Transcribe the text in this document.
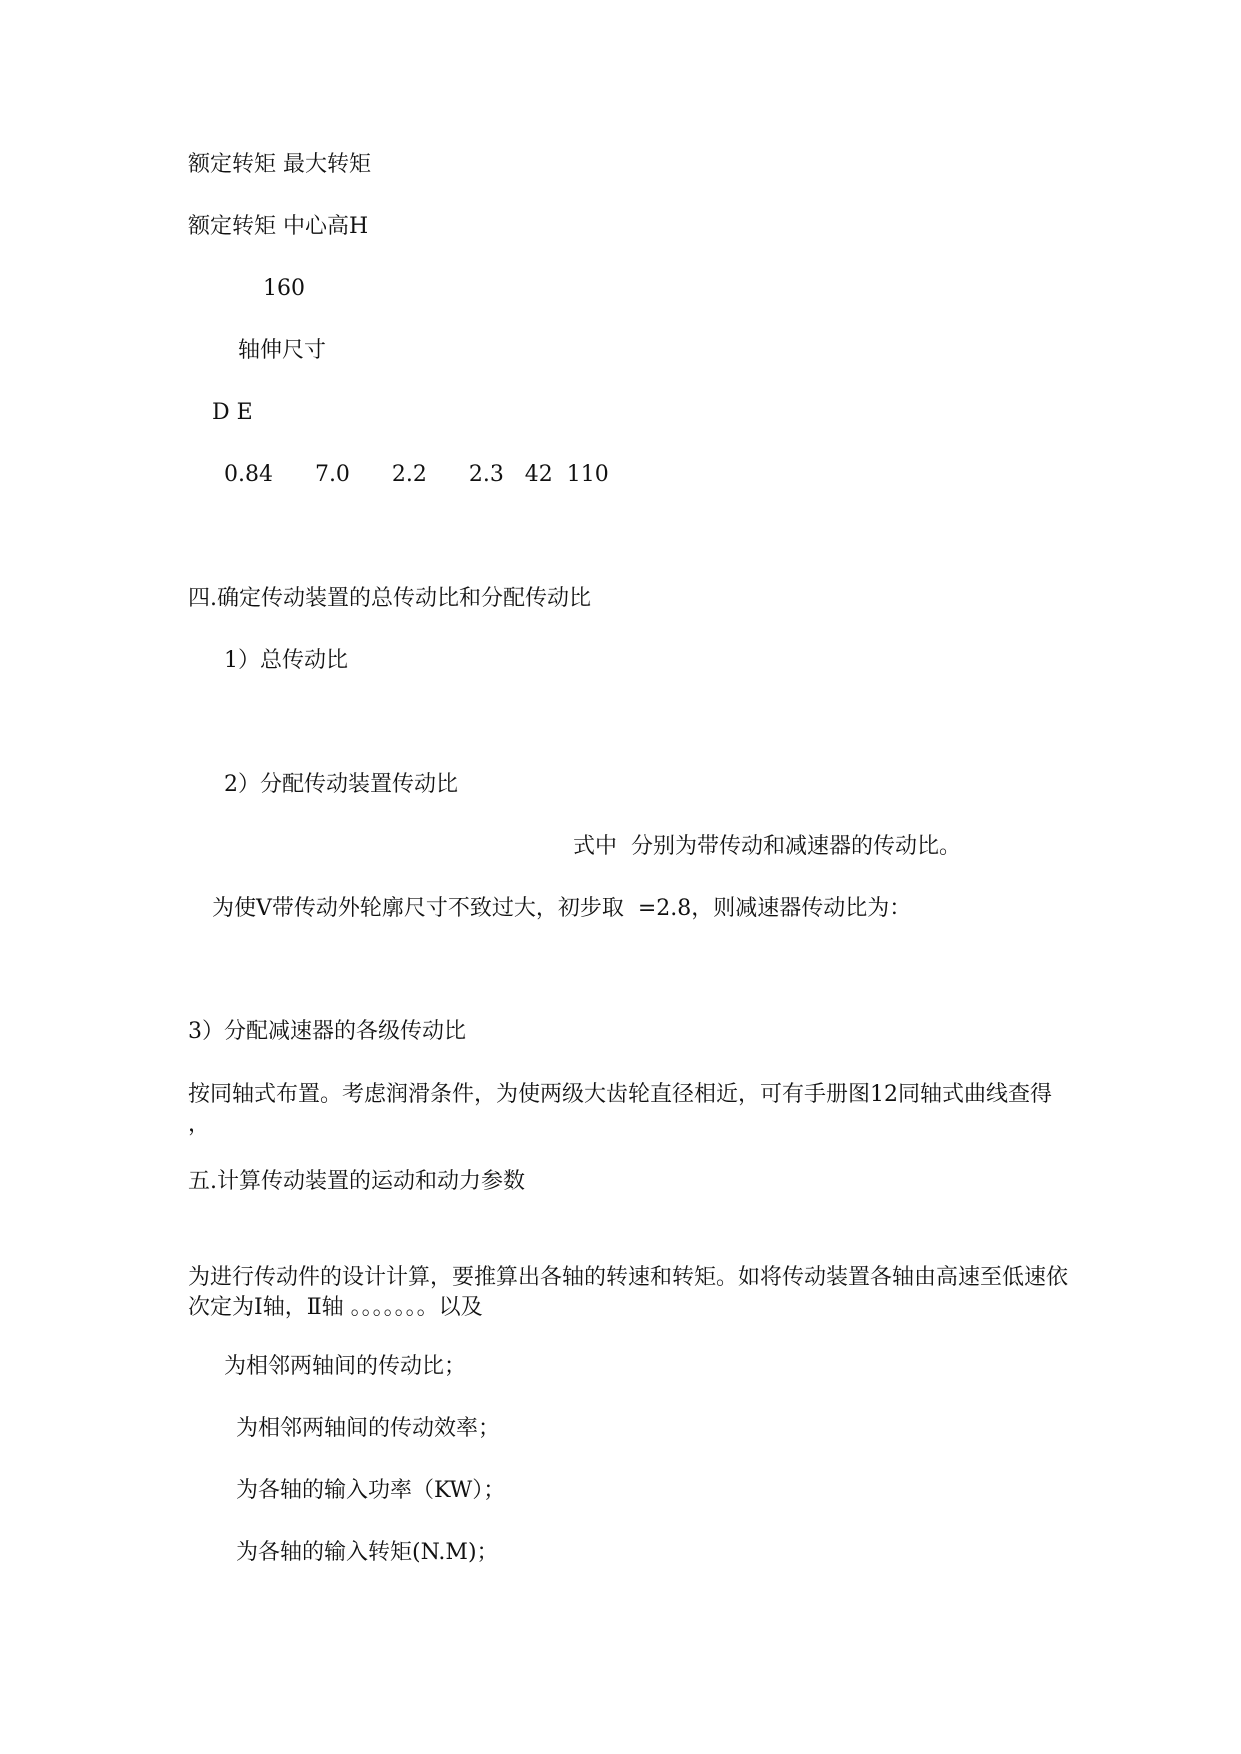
额定转矩 最大转矩

额定转矩 中心高H

160

轴伸尺寸

D E

0.84      7.0      2.2      2.3   42  110

四.确定传动装置的总传动比和分配传动比

1）总传动比

2）分配传动装置传动比

式中  分别为带传动和减速器的传动比。

为使V带传动外轮廓尺寸不致过大，初步取  =2.8，则减速器传动比为：

3）分配减速器的各级传动比

按同轴式布置。考虑润滑条件，为使两级大齿轮直径相近，可有手册图12同轴式曲线查得 ，

五.计算传动装置的运动和动力参数

为进行传动件的设计计算，要推算出各轴的转速和转矩。如将传动装置各轴由高速至低速依次定为Ⅰ轴，Ⅱ轴 。。。。。。。以及

为相邻两轴间的传动比；

为相邻两轴间的传动效率；

为各轴的输入功率（KW）；

为各轴的输入转矩(N.M)；
